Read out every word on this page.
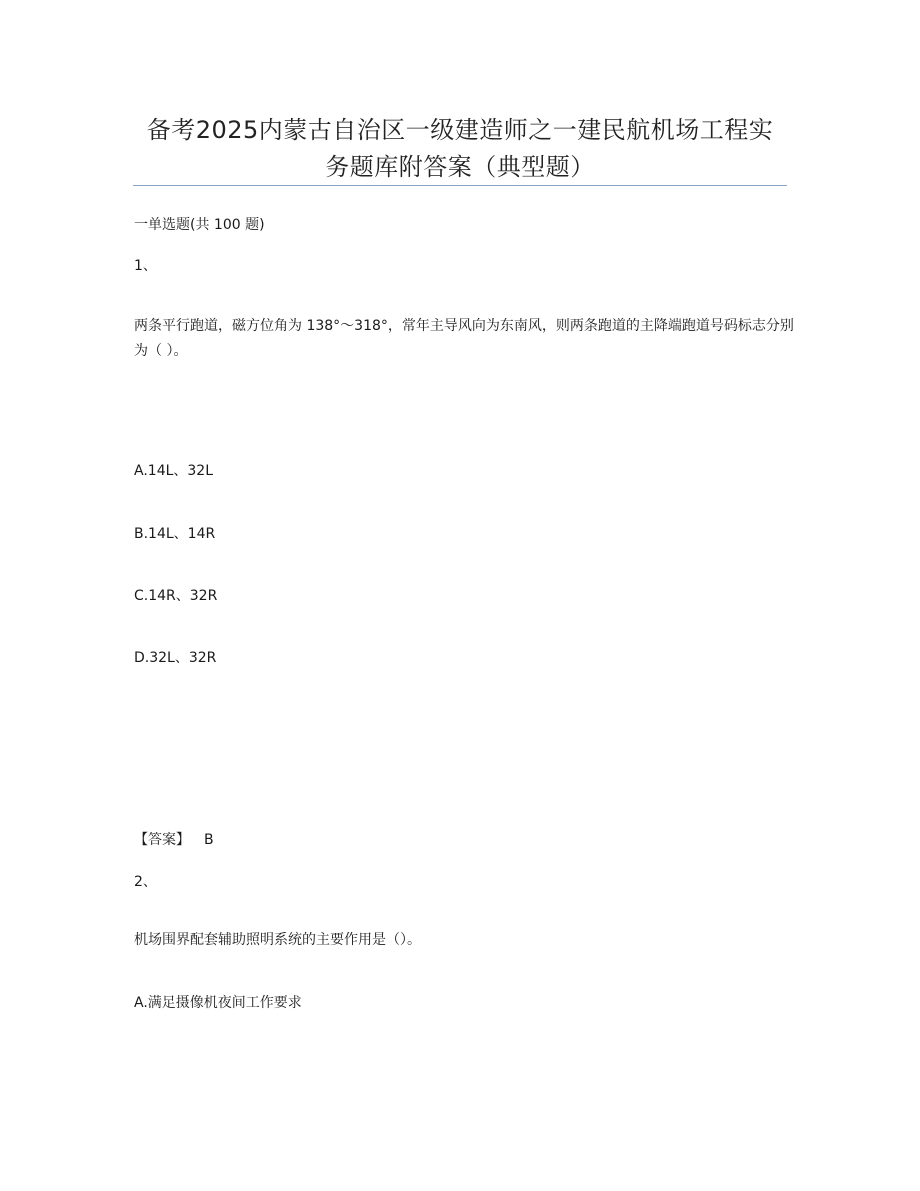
备考2025内蒙古自治区一级建造师之一建民航机场工程实
务题库附答案（典型题）
一单选题(共 100 题)
1、
两条平行跑道，磁方位角为 138°～318°，常年主导风向为东南风，则两条跑道的主降端跑道号码标志分别为（ ）。
A.14L、32L
B.14L、14R
C.14R、32R
D.32L、32R
【答案】 B
2、
机场围界配套辅助照明系统的主要作用是（）。
A.满足摄像机夜间工作要求
